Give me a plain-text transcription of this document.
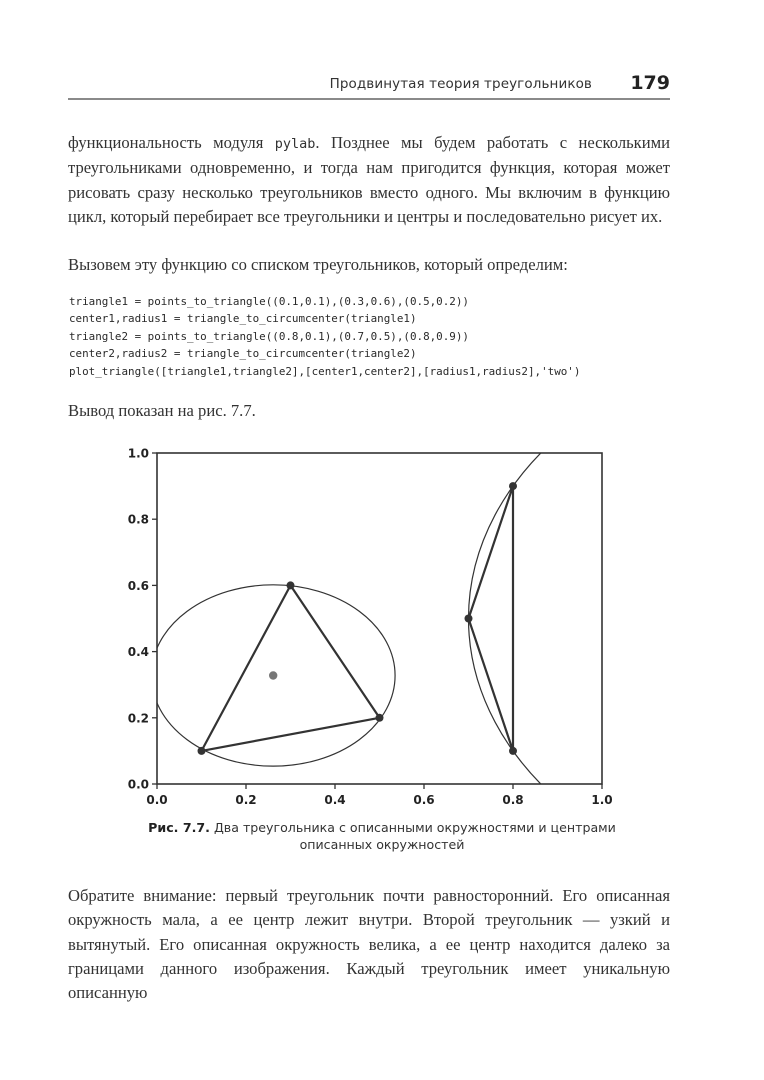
Продвинутая теория треугольников 179

функциональность модуля pylab. Позднее мы будем работать с несколькими треугольниками одновременно, и тогда нам пригодится функция, которая может рисовать сразу несколько треугольников вместо одного. Мы включим в функцию цикл, который перебирает все треугольники и центры и последовательно рисует их.

Вызовем эту функцию со списком треугольников, который определим:

triangle1 = points_to_triangle((0.1,0.1),(0.3,0.6),(0.5,0.2))
center1,radius1 = triangle_to_circumcenter(triangle1)
triangle2 = points_to_triangle((0.8,0.1),(0.7,0.5),(0.8,0.9))
center2,radius2 = triangle_to_circumcenter(triangle2)
plot_triangle([triangle1,triangle2],[center1,center2],[radius1,radius2],'two')

Вывод показан на рис. 7.7.

0.0	0.2	0.4	0.6	0.8	1.0
0.0
0.2
0.4
0.6
0.8
1.0
Рис. 7.7. Два треугольника с описанными окружностями и центрами описанных окружностей

Обратите внимание: первый треугольник почти равносторонний. Его описанная окружность мала, а ее центр лежит внутри. Второй треугольник — узкий и вытянутый. Его описанная окружность велика, а ее центр находится далеко за границами данного изображения. Каждый треугольник имеет уникальную описанную
